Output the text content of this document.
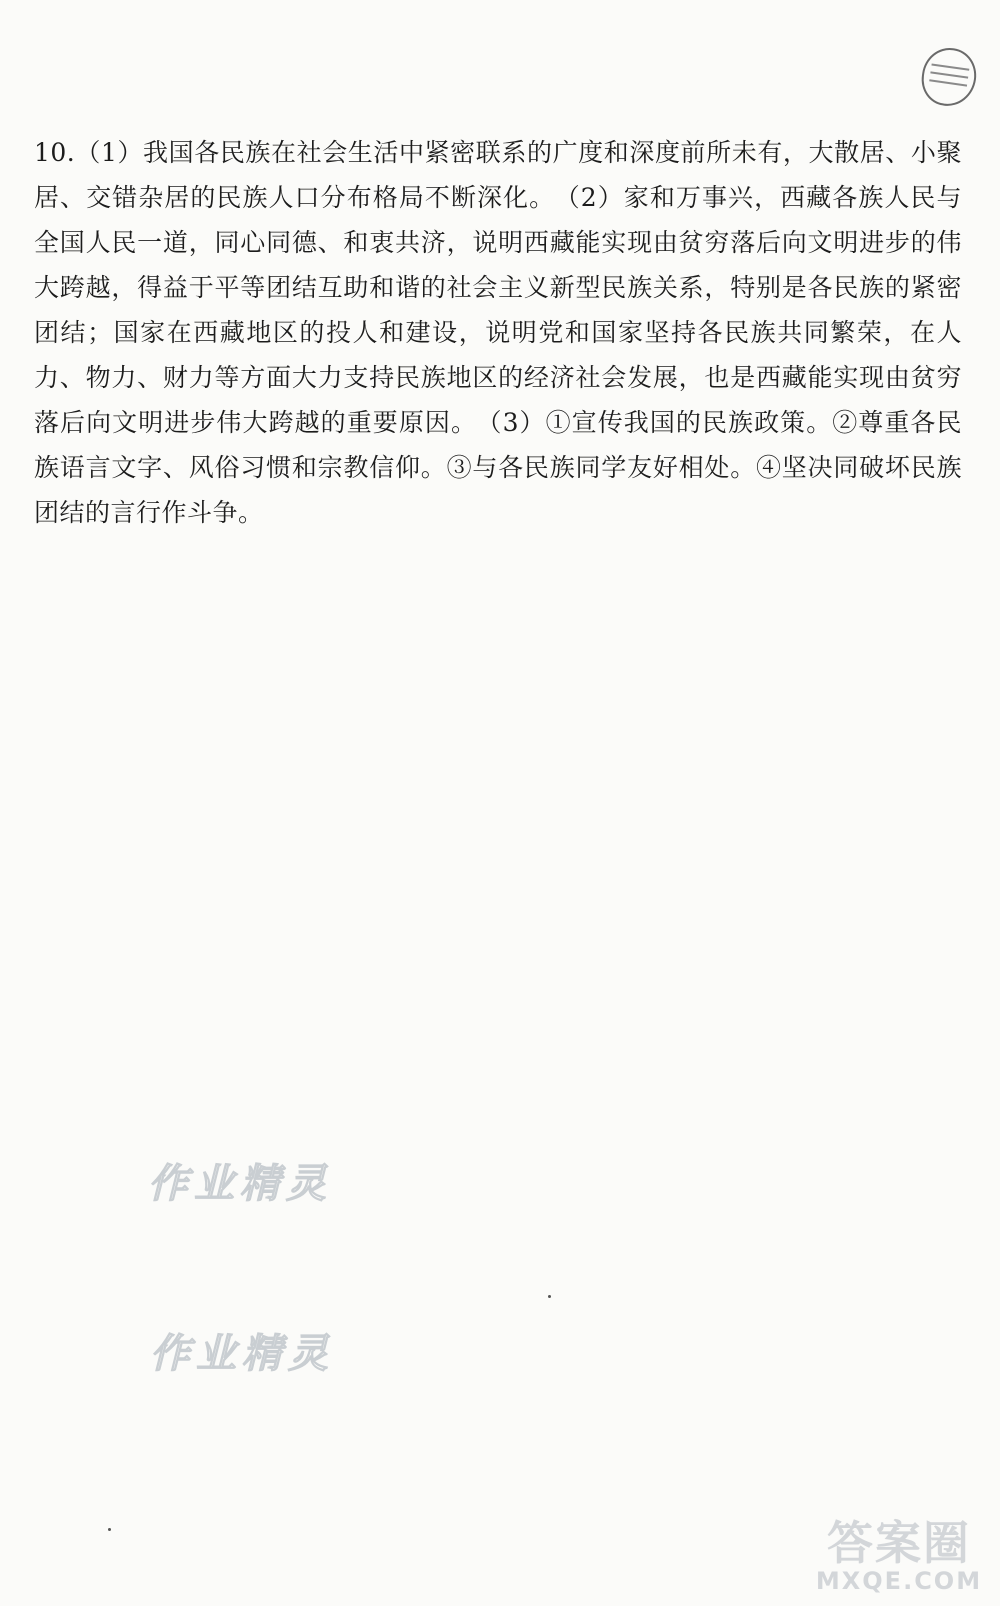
10.（1）我国各民族在社会生活中紧密联系的广度和深度前所未有，大散居、小聚居、交错杂居的民族人口分布格局不断深化。 （2）家和万事兴，西藏各族人民与全国人民一道，同心同德、和衷共济，说明西藏能实现由贫穷落后向文明进步的伟大跨越，得益于平等团结互助和谐的社会主义新型民族关系，特别是各民族的紧密团结；国家在西藏地区的投人和建设，说明党和国家坚持各民族共同繁荣，在人力、物力、财力等方面大力支持民族地区的经济社会发展，也是西藏能实现由贫穷落后向文明进步伟大跨越的重要原因。 （3）①宣传我国的民族政策。②尊重各民族语言文字、风俗习惯和宗教信仰。③与各民族同学友好相处。④坚决同破坏民族团结的言行作斗争。
作业精灵
作业精灵
答案圈
MXQE.COM
